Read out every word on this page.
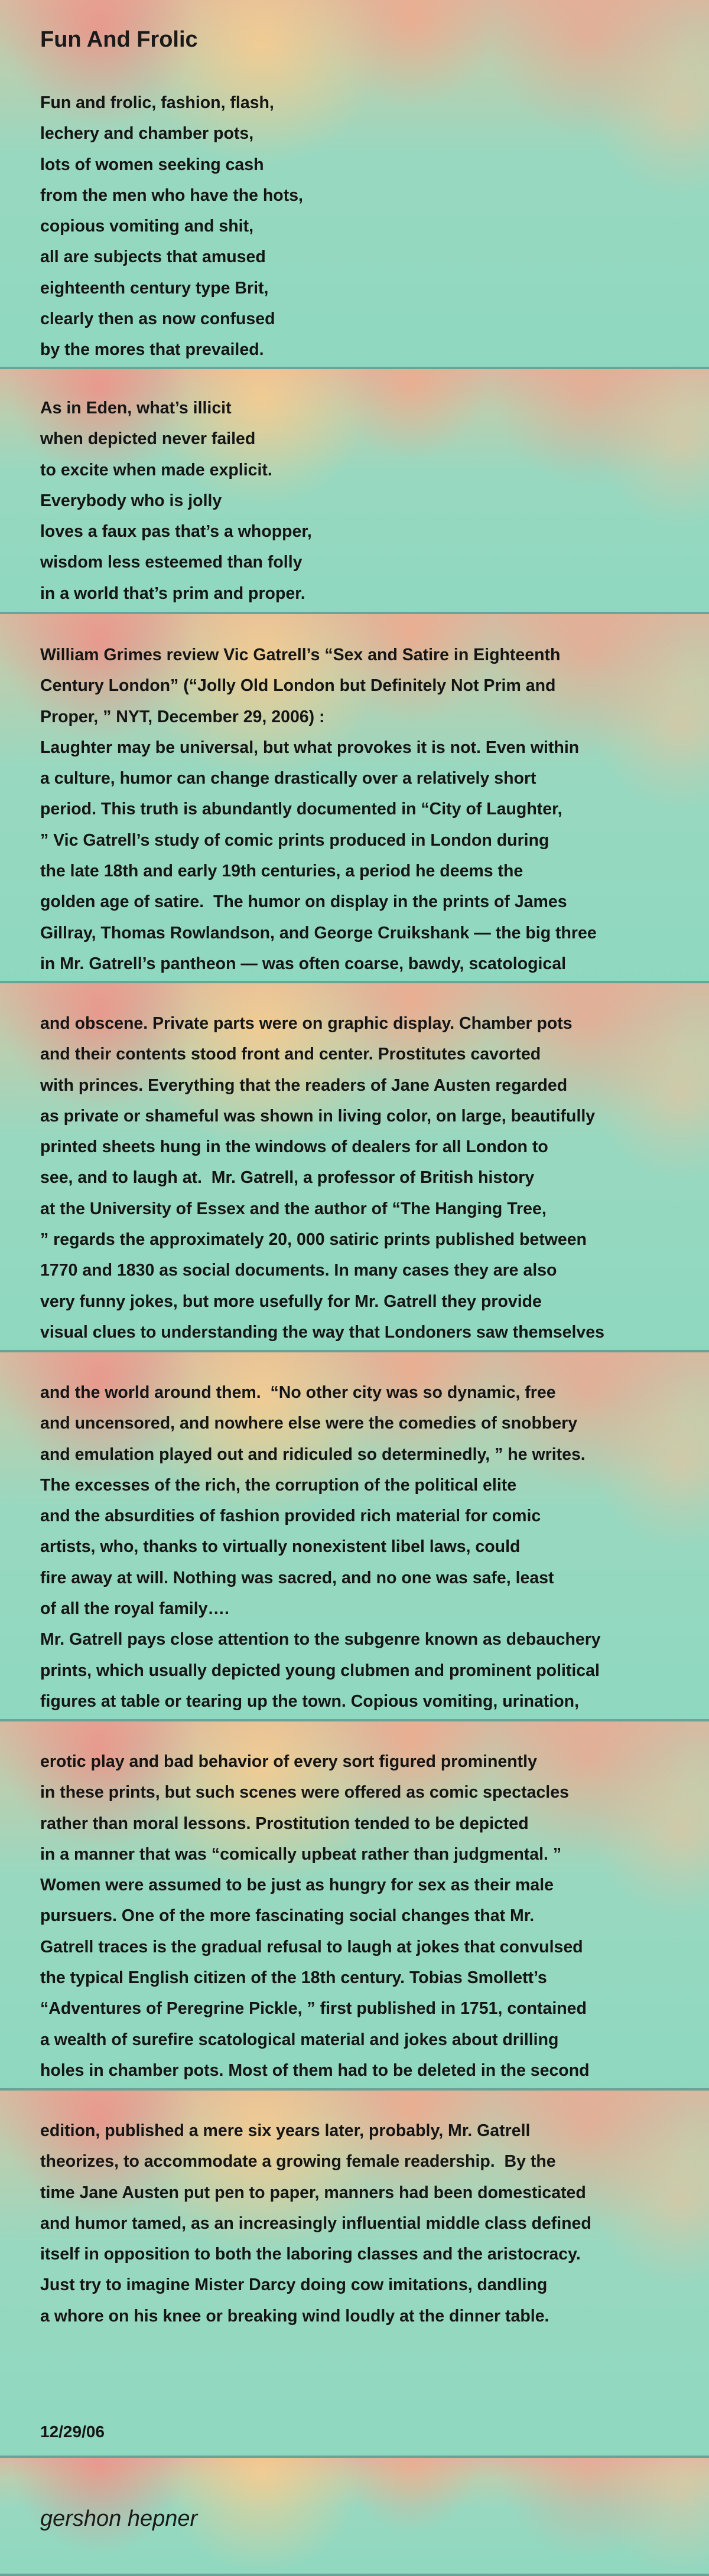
Fun And Frolic
Fun and frolic, fashion, flash,
lechery and chamber pots,
lots of women seeking cash
from the men who have the hots,
copious vomiting and shit,
all are subjects that amused
eighteenth century type Brit,
clearly then as now confused
by the mores that prevailed.
As in Eden, what’s illicit
when depicted never failed
to excite when made explicit.
Everybody who is jolly
loves a faux pas that’s a whopper,
wisdom less esteemed than folly
in a world that’s prim and proper.
William Grimes review Vic Gatrell’s “Sex and Satire in Eighteenth
Century London” (“Jolly Old London but Definitely Not Prim and
Proper, ” NYT, December 29, 2006) :
Laughter may be universal, but what provokes it is not. Even within
a culture, humor can change drastically over a relatively short
period. This truth is abundantly documented in “City of Laughter,
” Vic Gatrell’s study of comic prints produced in London during
the late 18th and early 19th centuries, a period he deems the
golden age of satire.  The humor on display in the prints of James
Gillray, Thomas Rowlandson, and George Cruikshank — the big three
in Mr. Gatrell’s pantheon — was often coarse, bawdy, scatological
and obscene. Private parts were on graphic display. Chamber pots
and their contents stood front and center. Prostitutes cavorted
with princes. Everything that the readers of Jane Austen regarded
as private or shameful was shown in living color, on large, beautifully
printed sheets hung in the windows of dealers for all London to
see, and to laugh at.  Mr. Gatrell, a professor of British history
at the University of Essex and the author of “The Hanging Tree,
” regards the approximately 20, 000 satiric prints published between
1770 and 1830 as social documents. In many cases they are also
very funny jokes, but more usefully for Mr. Gatrell they provide
visual clues to understanding the way that Londoners saw themselves
and the world around them.  “No other city was so dynamic, free
and uncensored, and nowhere else were the comedies of snobbery
and emulation played out and ridiculed so determinedly, ” he writes.
The excesses of the rich, the corruption of the political elite
and the absurdities of fashion provided rich material for comic
artists, who, thanks to virtually nonexistent libel laws, could
fire away at will. Nothing was sacred, and no one was safe, least
of all the royal family….
Mr. Gatrell pays close attention to the subgenre known as debauchery
prints, which usually depicted young clubmen and prominent political
figures at table or tearing up the town. Copious vomiting, urination,
erotic play and bad behavior of every sort figured prominently
in these prints, but such scenes were offered as comic spectacles
rather than moral lessons. Prostitution tended to be depicted
in a manner that was “comically upbeat rather than judgmental. ”
Women were assumed to be just as hungry for sex as their male
pursuers. One of the more fascinating social changes that Mr.
Gatrell traces is the gradual refusal to laugh at jokes that convulsed
the typical English citizen of the 18th century. Tobias Smollett’s
“Adventures of Peregrine Pickle, ” first published in 1751, contained
a wealth of surefire scatological material and jokes about drilling
holes in chamber pots. Most of them had to be deleted in the second
edition, published a mere six years later, probably, Mr. Gatrell
theorizes, to accommodate a growing female readership.  By the
time Jane Austen put pen to paper, manners had been domesticated
and humor tamed, as an increasingly influential middle class defined
itself in opposition to both the laboring classes and the aristocracy.
Just try to imagine Mister Darcy doing cow imitations, dandling
a whore on his knee or breaking wind loudly at the dinner table.
12/29/06
gershon hepner
